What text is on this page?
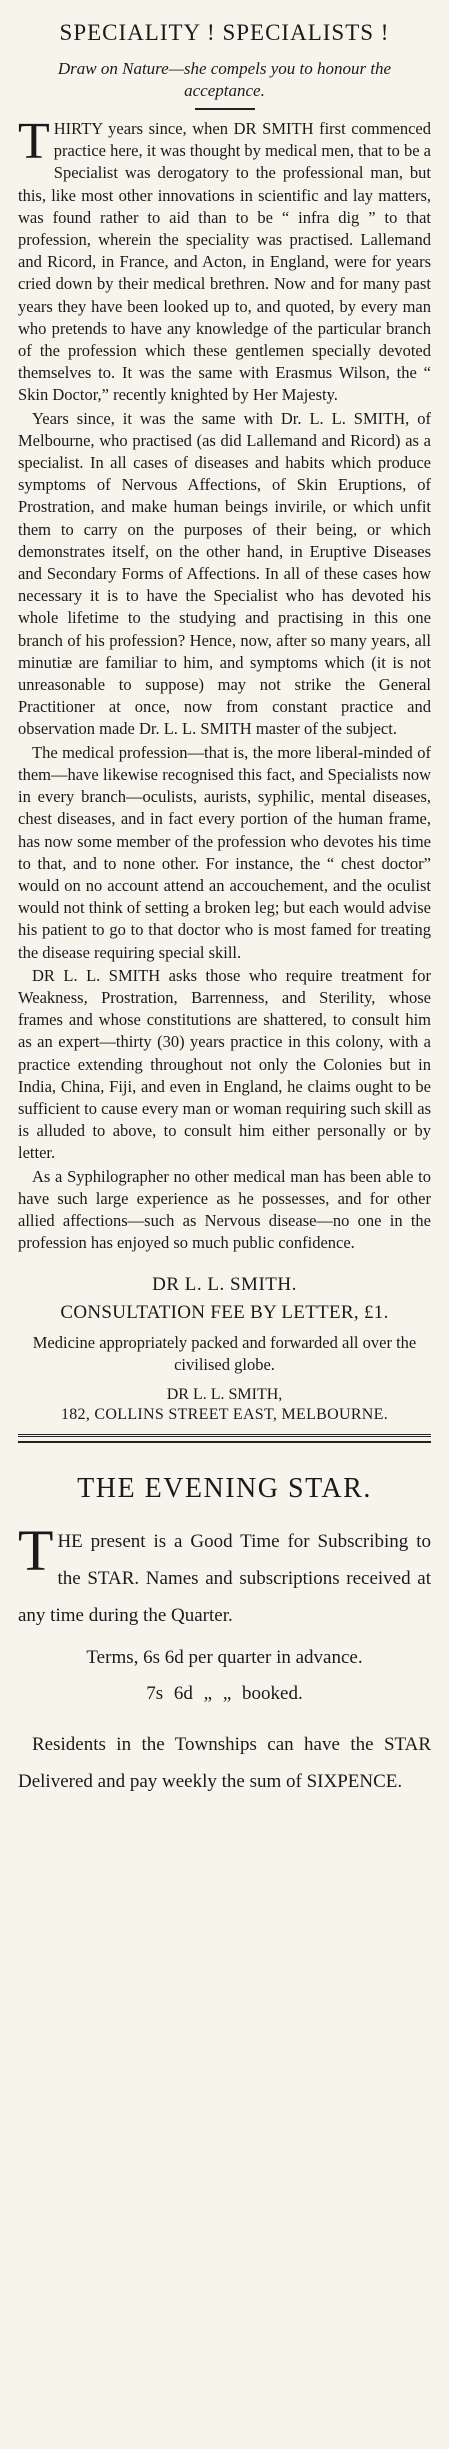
SPECIALITY ! SPECIALISTS !
Draw on Nature—she compels you to honour the acceptance.

THIRTY years since, when DR SMITH first commenced practice here, it was thought by medical men, that to be a Specialist was derogatory to the professional man, but this, like most other innovations in scientific and lay matters, was found rather to aid than to be “ infra dig ” to that profession, wherein the speciality was practised. Lallemand and Ricord, in France, and Acton, in England, were for years cried down by their medical brethren. Now and for many past years they have been looked up to, and quoted, by every man who pretends to have any knowledge of the particular branch of the profession which these gentlemen specially devoted themselves to. It was the same with Erasmus Wilson, the “ Skin Doctor,” recently knighted by Her Majesty.

Years since, it was the same with Dr. L. L. SMITH, of Melbourne, who practised (as did Lallemand and Ricord) as a specialist. In all cases of diseases and habits which produce symptoms of Nervous Affections, of Skin Eruptions, of Prostration, and make human beings invirile, or which unfit them to carry on the purposes of their being, or which demonstrates itself, on the other hand, in Eruptive Diseases and Secondary Forms of Affections. In all of these cases how necessary it is to have the Specialist who has devoted his whole lifetime to the studying and practising in this one branch of his profession? Hence, now, after so many years, all minutiæ are familiar to him, and symptoms which (it is not unreasonable to suppose) may not strike the General Practitioner at once, now from constant practice and observation made Dr. L. L. SMITH master of the subject.

The medical profession—that is, the more liberal-minded of them—have likewise recognised this fact, and Specialists now in every branch—oculists, aurists, syphilic, mental diseases, chest diseases, and in fact every portion of the human frame, has now some member of the profession who devotes his time to that, and to none other. For instance, the “ chest doctor” would on no account attend an accouchement, and the oculist would not think of setting a broken leg; but each would advise his patient to go to that doctor who is most famed for treating the disease requiring special skill.

DR L. L. SMITH asks those who require treatment for Weakness, Prostration, Barrenness, and Sterility, whose frames and whose constitutions are shattered, to consult him as an expert—thirty (30) years practice in this colony, with a practice extending throughout not only the Colonies but in India, China, Fiji, and even in England, he claims ought to be sufficient to cause every man or woman requiring such skill as is alluded to above, to consult him either personally or by letter.

As a Syphilographer no other medical man has been able to have such large experience as he possesses, and for other allied affections—such as Nervous disease—no one in the profession has enjoyed so much public confidence.

DR L. L. SMITH.
CONSULTATION FEE BY LETTER, £1.
Medicine appropriately packed and forwarded all over the civilised globe.
DR L. L. SMITH,
182, COLLINS STREET EAST, MELBOURNE.
THE EVENING STAR.

THE present is a Good Time for Subscribing to the STAR. Names and subscriptions received at any time during the Quarter.

Terms, 6s 6d per quarter in advance.
7s 6d „ „ booked.

Residents in the Townships can have the STAR Delivered and pay weekly the sum of SIXPENCE.
